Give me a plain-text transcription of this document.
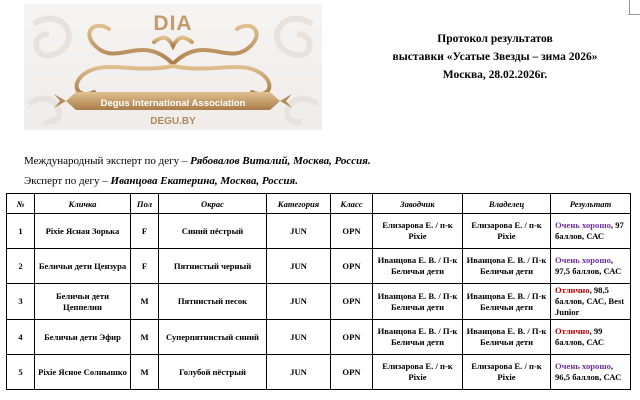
DIA
Degus International Association
DEGU.BY
Протокол результатов
выставки «Усатые Звезды – зима 2026»
Москва, 28.02.2026г.
Международный эксперт по дегу – Рябовалов Виталий, Москва, Россия.
Эксперт по дегу – Иванцова Екатерина, Москва, Россия.
№	Кличка	Пол	Окрас	Категория	Класс	Заводчик	Владелец	Результат
1	Pixie Ясная Зорька	F	Синий пёстрый	JUN	OPN	Елизарова Е. / п-к Pixie	Елизарова Е. / п-к Pixie	Очень хорошо, 97 баллов, САС
2	Беличьи дети Цензура	F	Пятнистый черный	JUN	OPN	Иванцова Е. В. / П-к Беличьи дети	Иванцова Е. В. / П-к Беличьи дети	Очень хорошо, 97,5 баллов, САС
3	Беличьи дети Цеппелин	M	Пятнистый песок	JUN	OPN	Иванцова Е. В. / П-к Беличьи дети	Иванцова Е. В. / П-к Беличьи дети	Отлично, 98,5 баллов, САС, Best Junior
4	Беличьи дети Эфир	M	Суперпятнистый синий	JUN	OPN	Иванцова Е. В. / П-к Беличьи дети	Иванцова Е. В. / П-к Беличьи дети	Отлично, 99 баллов, САС
5	Pixie Ясное Солнышко	M	Голубой пёстрый	JUN	OPN	Елизарова Е. / п-к Pixie	Елизарова Е. / п-к Pixie	Очень хорошо, 96,5 баллов, САС
